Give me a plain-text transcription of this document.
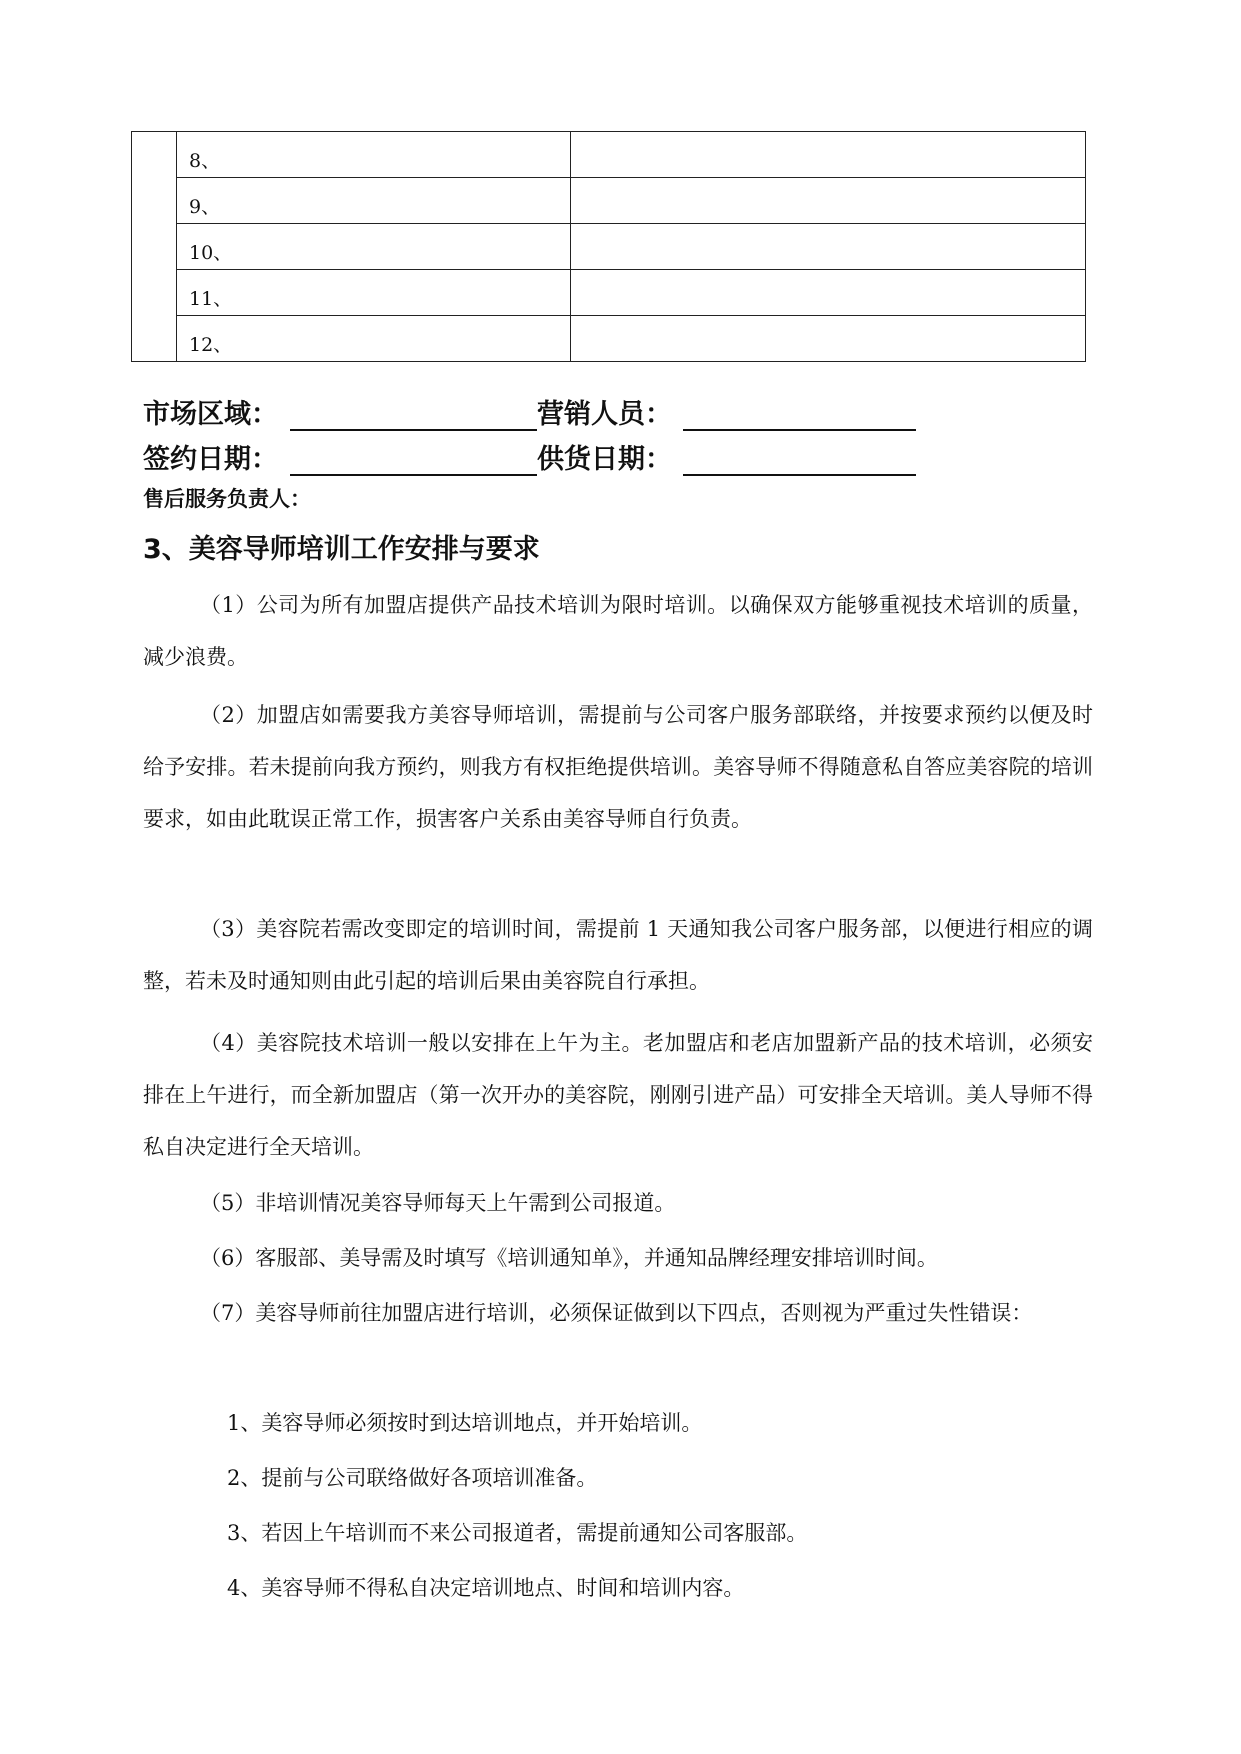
	8、	
	9、	
	10、	
	11、	
	12、	
市场区域：	营销人员：
签约日期：	供货日期：
售后服务负责人：
3、美容导师培训工作安排与要求

（1）公司为所有加盟店提供产品技术培训为限时培训。以确保双方能够重视技术培训的质量，减少浪费。

（2）加盟店如需要我方美容导师培训，需提前与公司客户服务部联络，并按要求预约以便及时给予安排。若未提前向我方预约，则我方有权拒绝提供培训。美容导师不得随意私自答应美容院的培训要求，如由此耽误正常工作，损害客户关系由美容导师自行负责。

（3）美容院若需改变即定的培训时间，需提前 1 天通知我公司客户服务部，以便进行相应的调整，若未及时通知则由此引起的培训后果由美容院自行承担。

（4）美容院技术培训一般以安排在上午为主。老加盟店和老店加盟新产品的技术培训，必须安排在上午进行，而全新加盟店（第一次开办的美容院，刚刚引进产品）可安排全天培训。美人导师不得私自决定进行全天培训。

（5）非培训情况美容导师每天上午需到公司报道。

（6）客服部、美导需及时填写《培训通知单》，并通知品牌经理安排培训时间。

（7）美容导师前往加盟店进行培训，必须保证做到以下四点，否则视为严重过失性错误：

1、美容导师必须按时到达培训地点，并开始培训。

2、提前与公司联络做好各项培训准备。

3、若因上午培训而不来公司报道者，需提前通知公司客服部。

4、美容导师不得私自决定培训地点、时间和培训内容。
